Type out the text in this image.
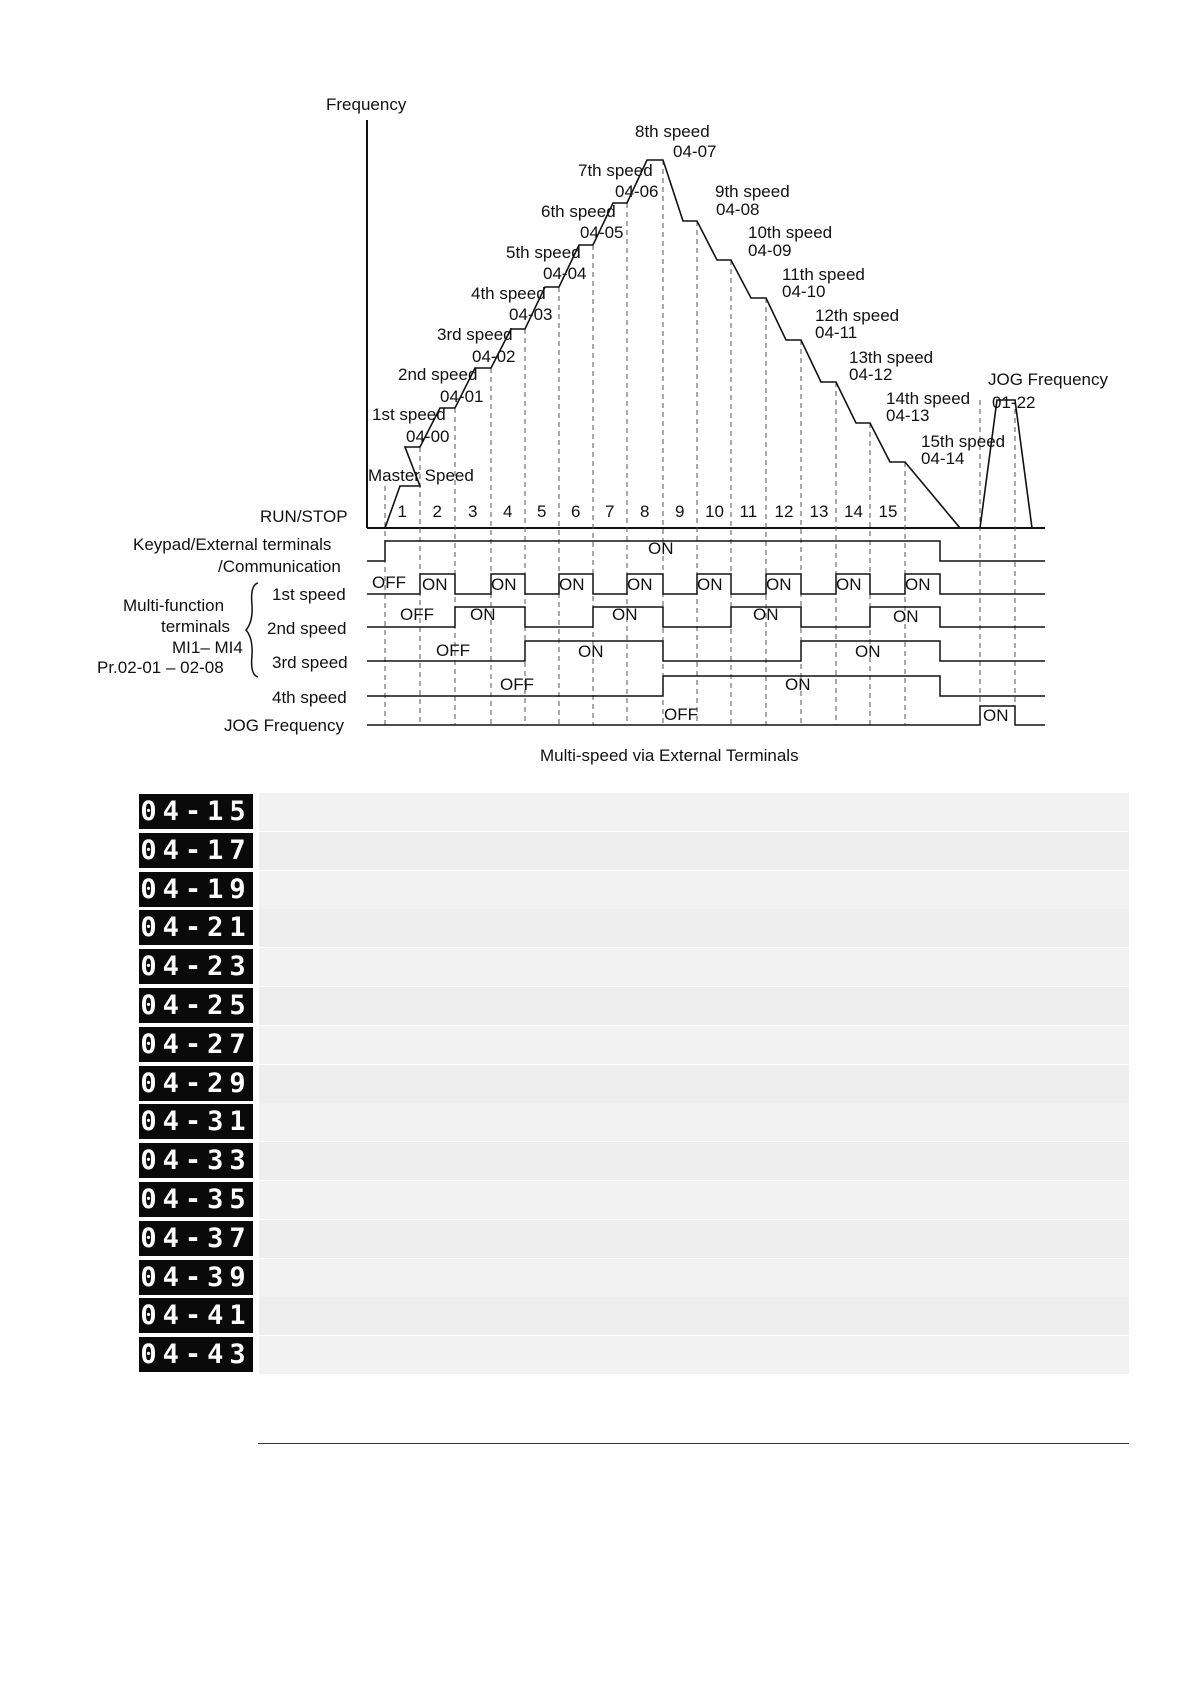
Frequency
RUN/STOP
Master Speed
1st speed
04-00
2nd speed
04-01
3rd speed
04-02
4th speed
04-03
5th speed
04-04
6th speed
04-05
7th speed
04-06
8th speed
04-07
9th speed
04-08
10th speed
04-09
11th speed
04-10
12th speed
04-11
13th speed
04-12
14th speed
04-13
15th speed
04-14
1 2 3 4 5 6 7 8 9 10 11 12 13 14 15
JOG Frequency
01-22
Keypad/External terminals
/Communication
Multi-function
terminals
MI1– MI4
Pr.02-01 – 02-08
1st speed
2nd speed
3rd speed
4th speed
JOG Frequency
ON
OFF ON	ON	ON	ON	ON	ON	ON	ON
OFF ON	ON	ON	ON
OFF	ON	ON
OFF	ON
OFF	ON
Multi-speed via External Terminals
04-15
04-17
04-19
04-21
04-23
04-25
04-27
04-29
04-31
04-33
04-35
04-37
04-39
04-41
04-43
